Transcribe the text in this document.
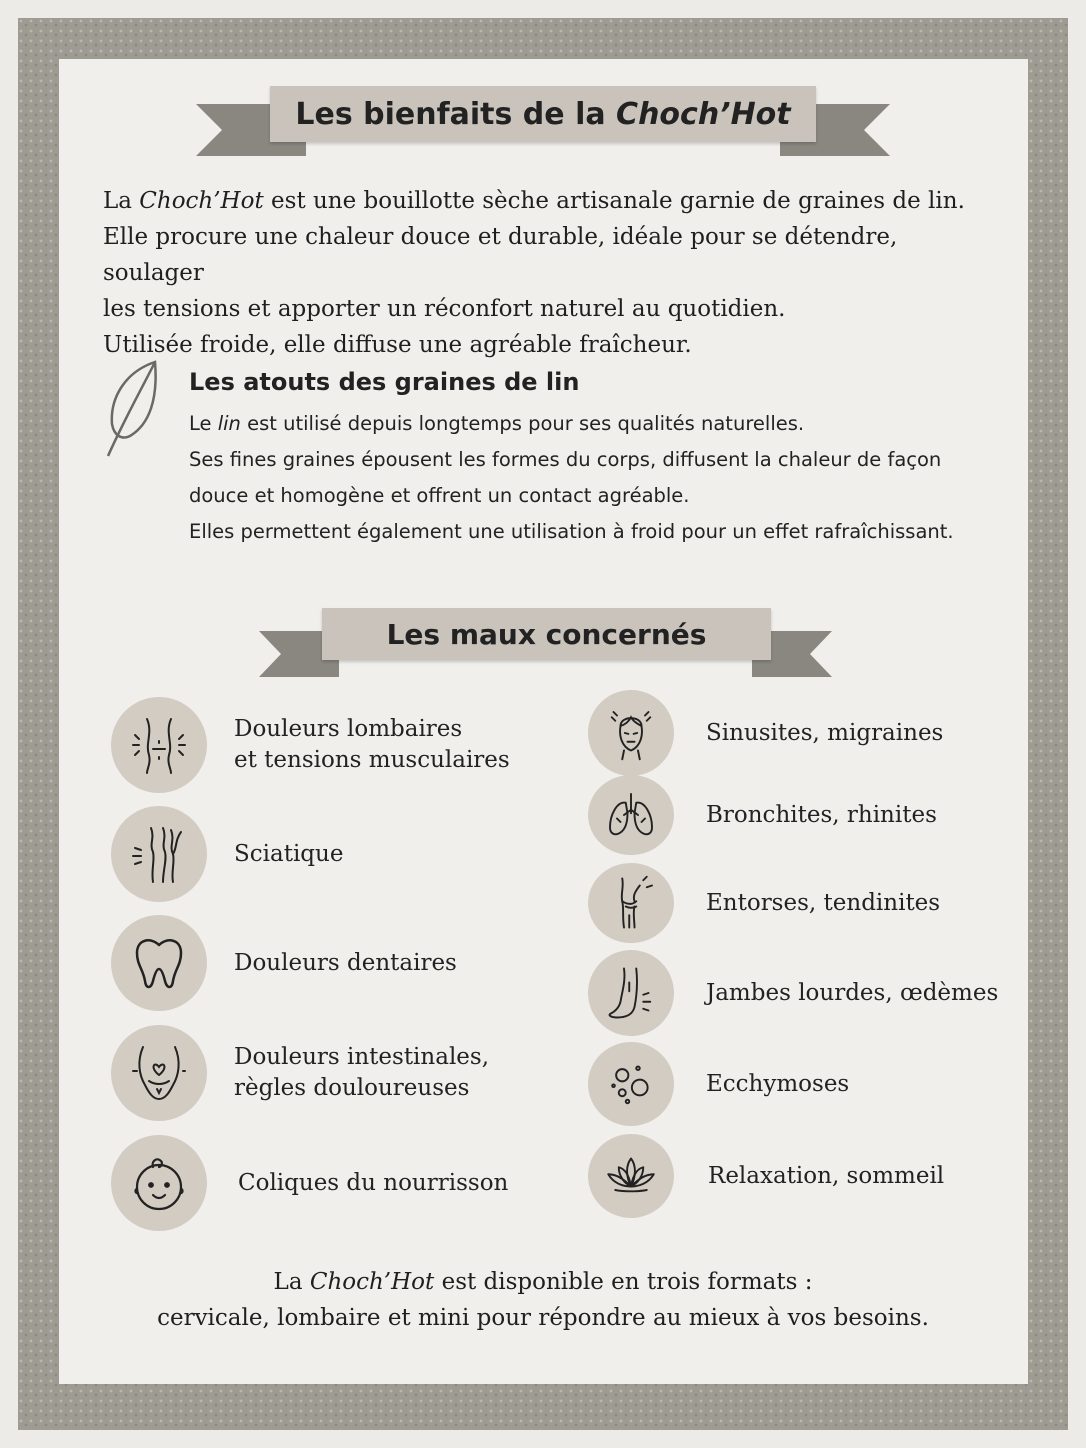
Les bienfaits de la Choch’Hot

La Choch’Hot est une bouillotte sèche artisanale garnie de graines de lin.

Elle procure une chaleur douce et durable, idéale pour se détendre, soulager

les tensions et apporter un réconfort naturel au quotidien.

Utilisée froide, elle diffuse une agréable fraîcheur.

Les atouts des graines de lin

Le lin est utilisé depuis longtemps pour ses qualités naturelles.

Ses fines graines épousent les formes du corps, diffusent la chaleur de façon

douce et homogène et offrent un contact agréable.

Elles permettent également une utilisation à froid pour un effet rafraîchissant.

Les maux concernés
Douleurs lombaires
et tensions musculaires
Sciatique
Douleurs dentaires
Douleurs intestinales,
règles douloureuses
Coliques du nourrisson
Sinusites, migraines
Bronchites, rhinites
Entorses, tendinites
Jambes lourdes, œdèmes
Ecchymoses
Relaxation, sommeil

La Choch’Hot est disponible en trois formats :

cervicale, lombaire et mini pour répondre au mieux à vos besoins.
